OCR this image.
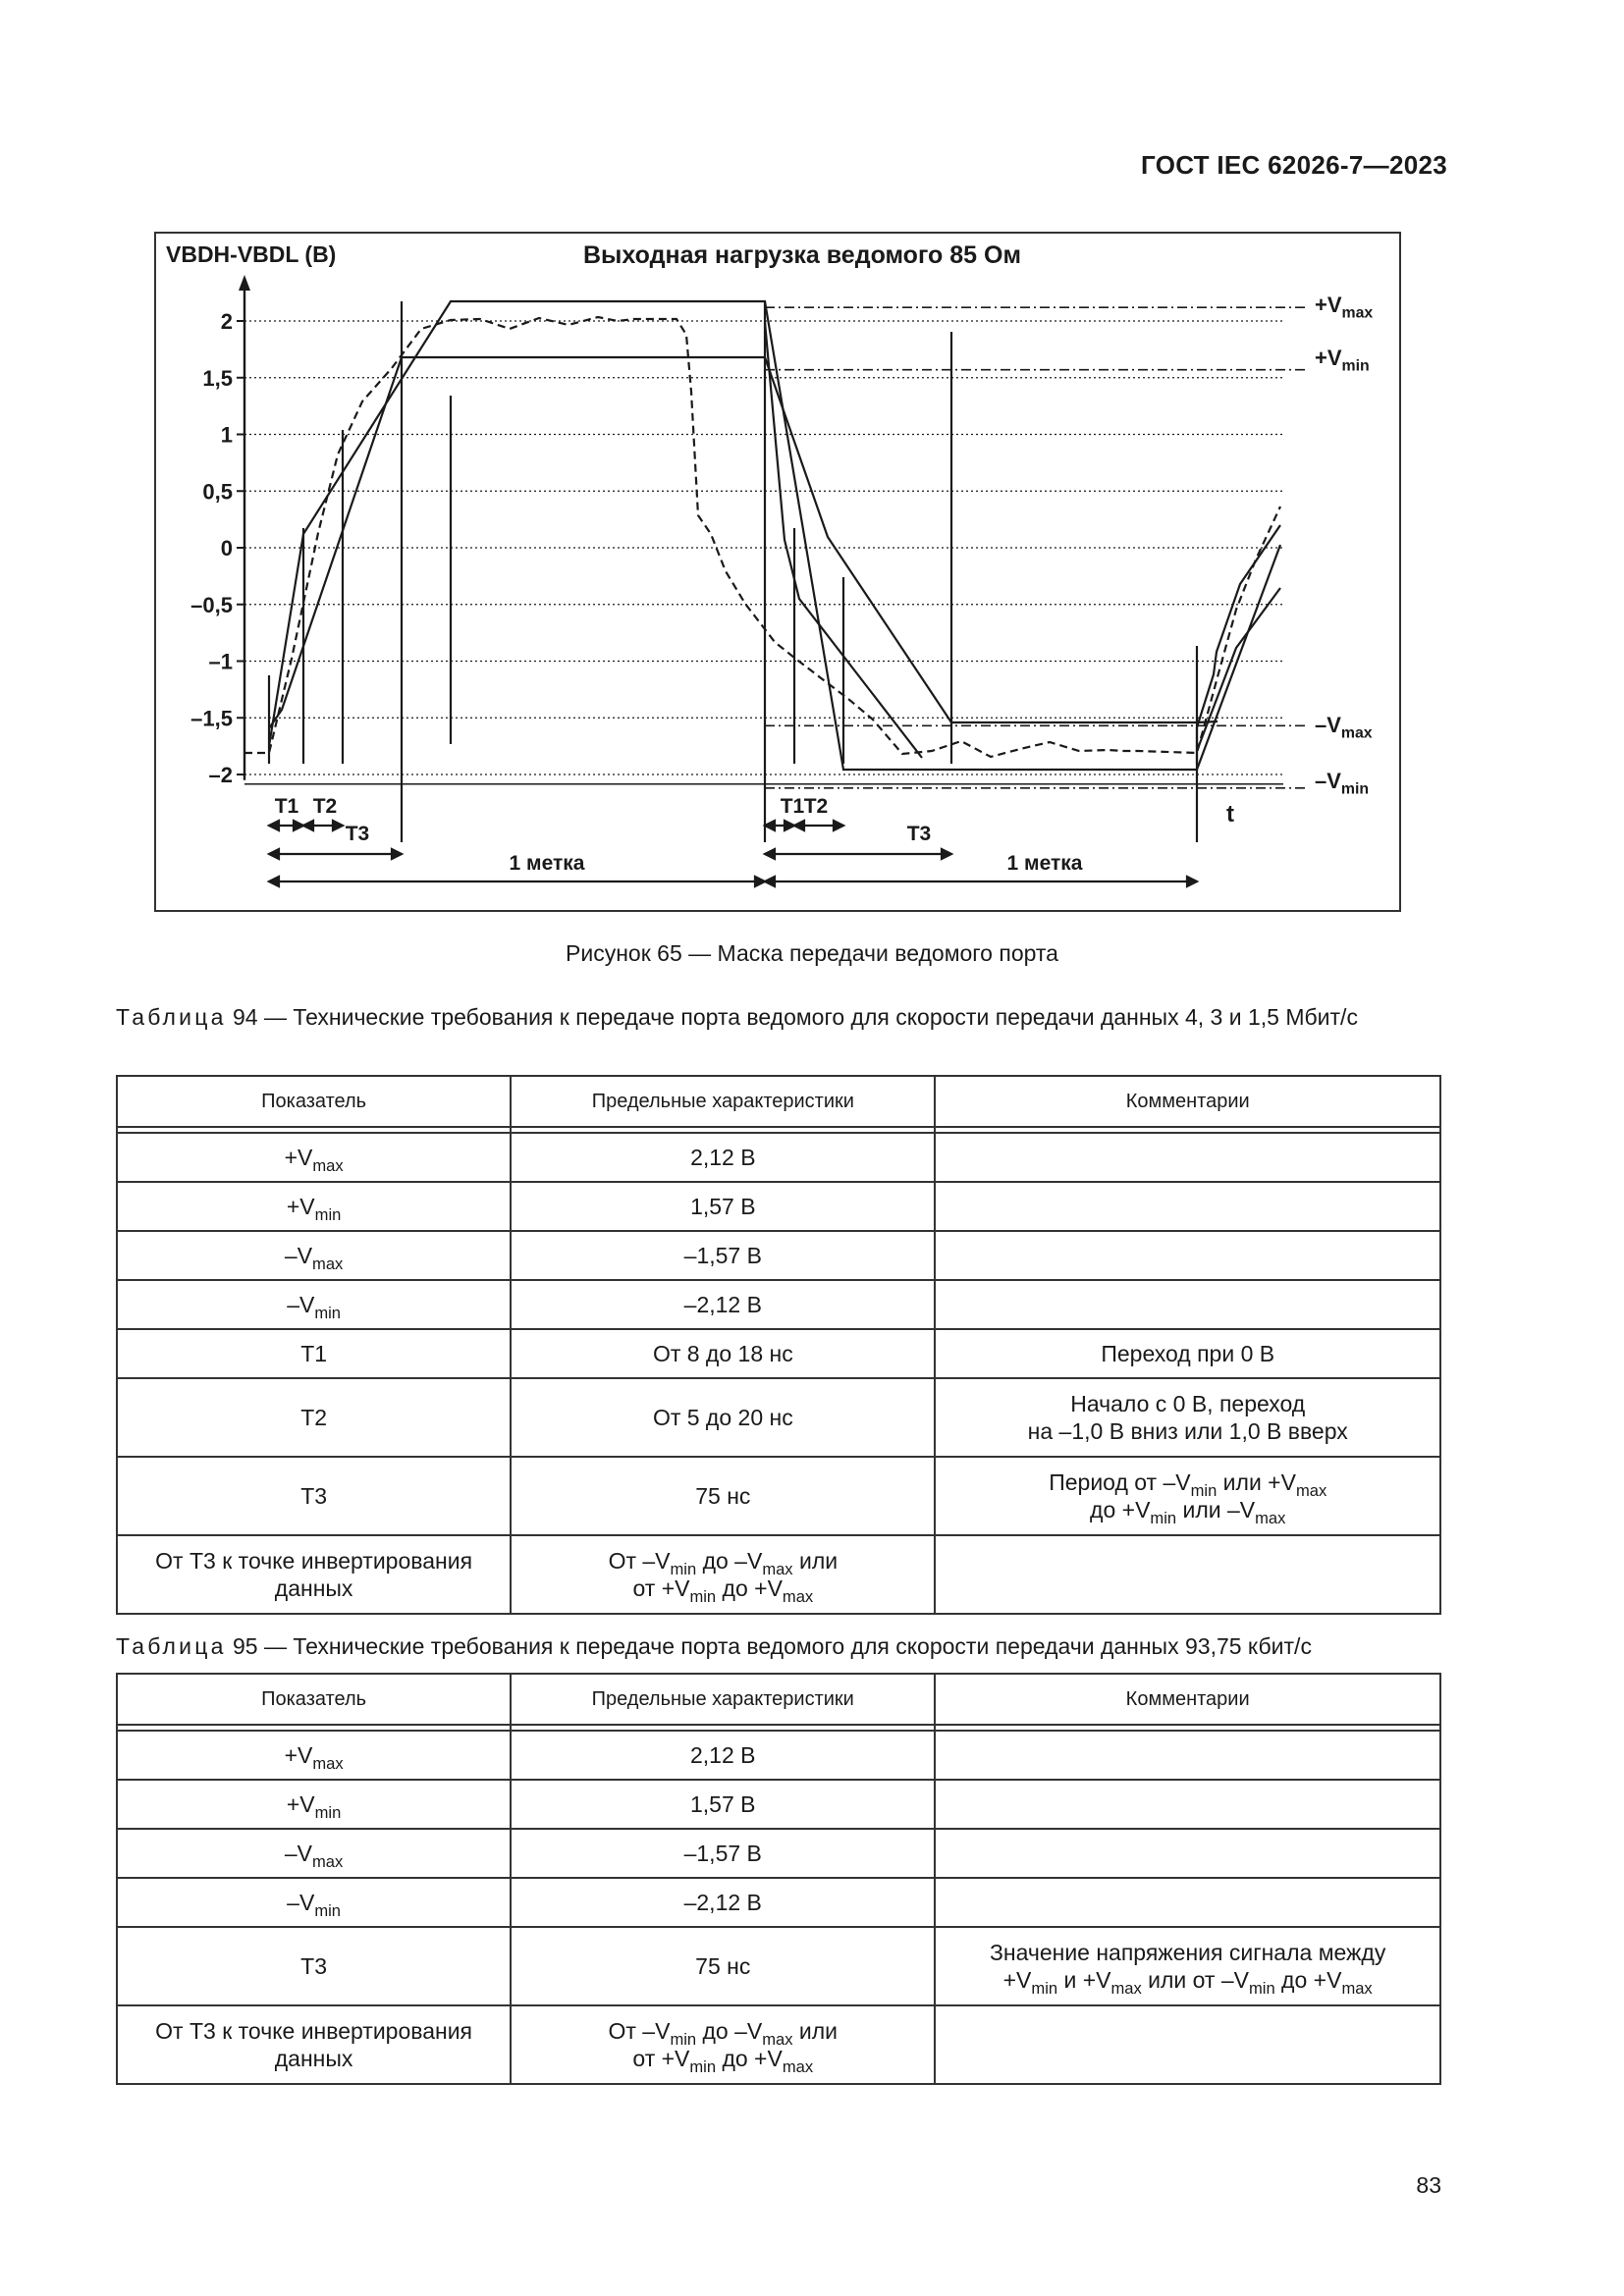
ГОСТ IEC 62026-7—2023
2
1,5
1
0,5
0
–0,5
–1
–1,5
–2
T1 T2
T3
1 метка
T1 T2
T3
1 метка
VBDH-VBDL (В)	Выходная нагрузка ведомого 85 Ом
$+V_{max}$
$+V_{min}$
$-V_{max}$
$-V_{min}$
t
Рисунок 65 — Маска передачи ведомого порта
Таблица 94 — Технические требования к передаче порта ведомого для скорости передачи данных 4, 3 и 1,5 Мбит/с
Показатель	Предельные характеристики	Комментарии

$+V_{max}$	2,12 В	
$+V_{min}$	1,57 В	
$-V_{max}$	–1,57 В	
$-V_{min}$	–2,12 В	
T1	От 8 до 18 нс	Переход при 0 В
T2	От 5 до 20 нс	Начало с 0 В, переход
на –1,0 В вниз или 1,0 В вверх
T3	75 нс	Период от $-V_{min}$ или $+V_{max}$
до $+V_{min}$ или $-V_{max}$
От Т3 к точке инвертирования
данных	От $-V_{min}$ до $-V_{max}$ или
от $+V_{min}$ до $+V_{max}$	
Таблица 95 — Технические требования к передаче порта ведомого для скорости передачи данных 93,75 кбит/с
Показатель	Предельные характеристики	Комментарии

$+V_{max}$	2,12 В	
$+V_{min}$	1,57 В	
$-V_{max}$	–1,57 В	
$-V_{min}$	–2,12 В	
T3	75 нс	Значение напряжения сигнала между
$+V_{min}$ $и +V_{max}$ или от $-V_{min}$ до $+V_{max}$
От Т3 к точке инвертирования
данных	От $-V_{min}$ до $-V_{max}$ или
от $+V_{min}$ до $+V_{max}$	
83
